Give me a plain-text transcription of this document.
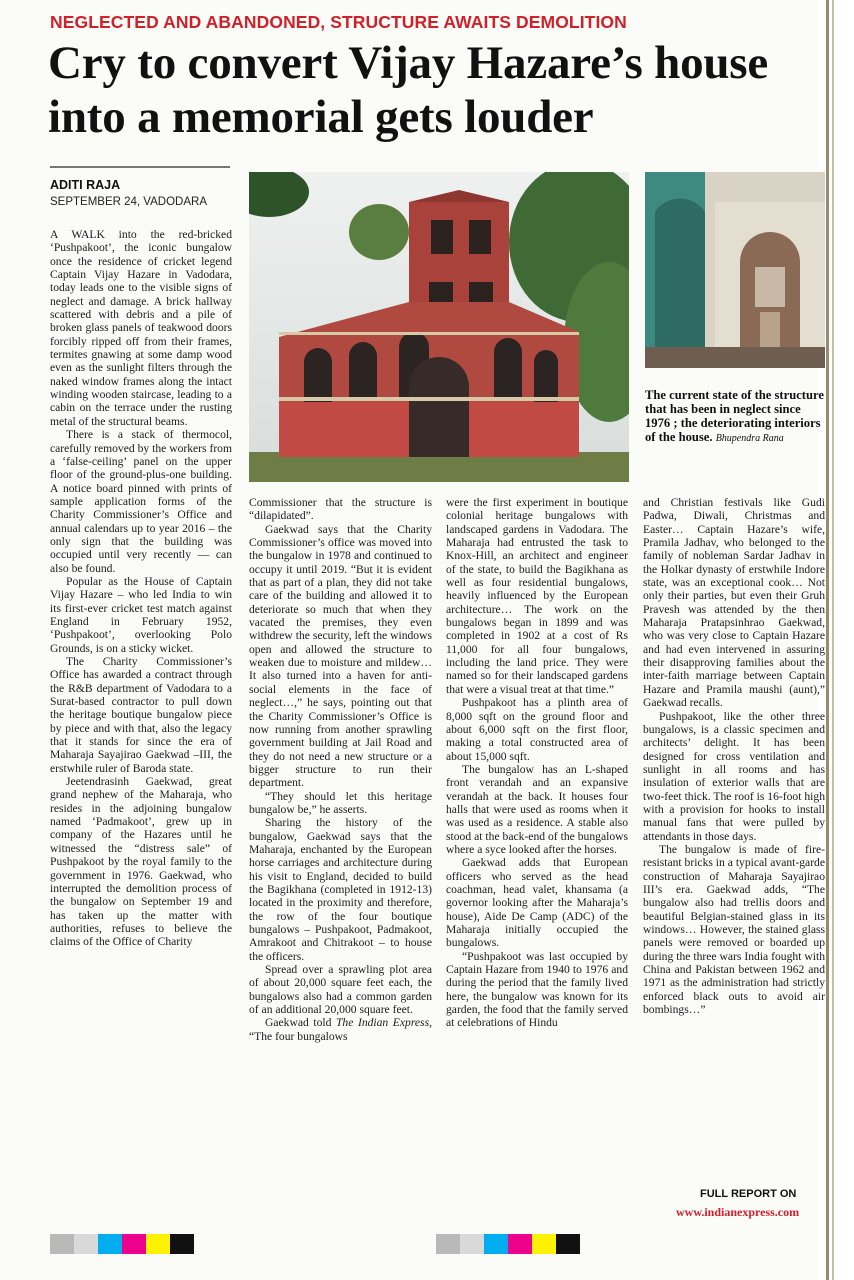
NEGLECTED AND ABANDONED, STRUCTURE AWAITS DEMOLITION
Cry to convert Vijay Hazare’s house into a memorial gets louder
ADITI RAJA
SEPTEMBER 24, VADODARA
The current state of the structure that has been in neglect since 1976 ; the deteriorating interiors of the house. Bhupendra Rana

A WALK into the red-bricked ‘Pushpakoot’, the iconic bungalow once the residence of cricket legend Captain Vijay Hazare in Vadodara, today leads one to the visible signs of neglect and damage. A brick hallway scattered with debris and a pile of broken glass panels of teakwood doors forcibly ripped off from their frames, termites gnawing at some damp wood even as the sunlight filters through the naked window frames along the intact winding wooden staircase, leading to a cabin on the terrace under the rusting metal of the structural beams.

There is a stack of thermocol, carefully removed by the workers from a ‘false-ceiling’ panel on the upper floor of the ground-plus-one building. A notice board pinned with prints of sample application forms of the Charity Commissioner’s Office and annual calendars up to year 2016 – the only sign that the building was occupied until very recently — can also be found.

Popular as the House of Captain Vijay Hazare – who led India to win its first-ever cricket test match against England in February 1952, ‘Pushpakoot’, overlooking Polo Grounds, is on a sticky wicket.

The Charity Commissioner’s Office has awarded a contract through the R&B department of Vadodara to a Surat-based contractor to pull down the heritage boutique bungalow piece by piece and with that, also the legacy that it stands for since the era of Maharaja Sayajirao Gaekwad –III, the erstwhile ruler of Baroda state.

Jeetendrasinh Gaekwad, great grand nephew of the Maharaja, who resides in the adjoining bungalow named ‘Padmakoot’, grew up in company of the Hazares until he witnessed the “distress sale” of Pushpakoot by the royal family to the government in 1976. Gaekwad, who interrupted the demolition process of the bungalow on September 19 and has taken up the matter with authorities, refuses to believe the claims of the Office of Charity

Commissioner that the structure is “dilapidated”.

Gaekwad says that the Charity Commissioner’s office was moved into the bungalow in 1978 and continued to occupy it until 2019. “But it is evident that as part of a plan, they did not take care of the building and allowed it to deteriorate so much that when they vacated the premises, they even withdrew the security, left the windows open and allowed the structure to weaken due to moisture and mildew… It also turned into a haven for anti-social elements in the face of neglect…,” he says, pointing out that the Charity Commissioner’s Office is now running from another sprawling government building at Jail Road and they do not need a new structure or a bigger structure to run their department.

“They should let this heritage bungalow be,” he asserts.

Sharing the history of the bungalow, Gaekwad says that the Maharaja, enchanted by the European horse carriages and architecture during his visit to England, decided to build the Bagikhana (completed in 1912-13) located in the proximity and therefore, the row of the four boutique bungalows – Pushpakoot, Padmakoot, Amrakoot and Chitrakoot – to house the officers.

Spread over a sprawling plot area of about 20,000 square feet each, the bungalows also had a common garden of an additional 20,000 square feet.

Gaekwad told The Indian Express, “The four bungalows

were the first experiment in boutique colonial heritage bungalows with landscaped gardens in Vadodara. The Maharaja had entrusted the task to Knox-Hill, an architect and engineer of the state, to build the Bagikhana as well as four residential bungalows, heavily influenced by the European architecture… The work on the bungalows began in 1899 and was completed in 1902 at a cost of Rs 11,000 for all four bungalows, including the land price. They were named so for their landscaped gardens that were a visual treat at that time.”

Pushpakoot has a plinth area of 8,000 sqft on the ground floor and about 6,000 sqft on the first floor, making a total constructed area of about 15,000 sqft.

The bungalow has an L-shaped front verandah and an expansive verandah at the back. It houses four halls that were used as rooms when it was used as a residence. A stable also stood at the back-end of the bungalows where a syce looked after the horses.

Gaekwad adds that European officers who served as the head coachman, head valet, khansama (a governor looking after the Maharaja’s house), Aide De Camp (ADC) of the Maharaja initially occupied the bungalows.

“Pushpakoot was last occupied by Captain Hazare from 1940 to 1976 and during the period that the family lived here, the bungalow was known for its garden, the food that the family served at celebrations of Hindu

and Christian festivals like Gudi Padwa, Diwali, Christmas and Easter… Captain Hazare’s wife, Pramila Jadhav, who belonged to the family of nobleman Sardar Jadhav in the Holkar dynasty of erstwhile Indore state, was an exceptional cook… Not only their parties, but even their Gruh Pravesh was attended by the then Maharaja Pratapsinhrao Gaekwad, who was very close to Captain Hazare and had even intervened in assuring their disapproving families about the inter-faith marriage between Captain Hazare and Pramila maushi (aunt),” Gaekwad recalls.

Pushpakoot, like the other three bungalows, is a classic specimen and architects’ delight. It has been designed for cross ventilation and sunlight in all rooms and has insulation of exterior walls that are two-feet thick. The roof is 16-foot high with a provision for hooks to install manual fans that were pulled by attendants in those days.

The bungalow is made of fire-resistant bricks in a typical avant-garde construction of Maharaja Sayajirao III’s era. Gaekwad adds, “The bungalow also had trellis doors and beautiful Belgian-stained glass in its windows… However, the stained glass panels were removed or boarded up during the three wars India fought with China and Pakistan between 1962 and 1971 as the administration had strictly enforced black outs to avoid air bombings…”

FULL REPORT ON
www.indianexpress.com
